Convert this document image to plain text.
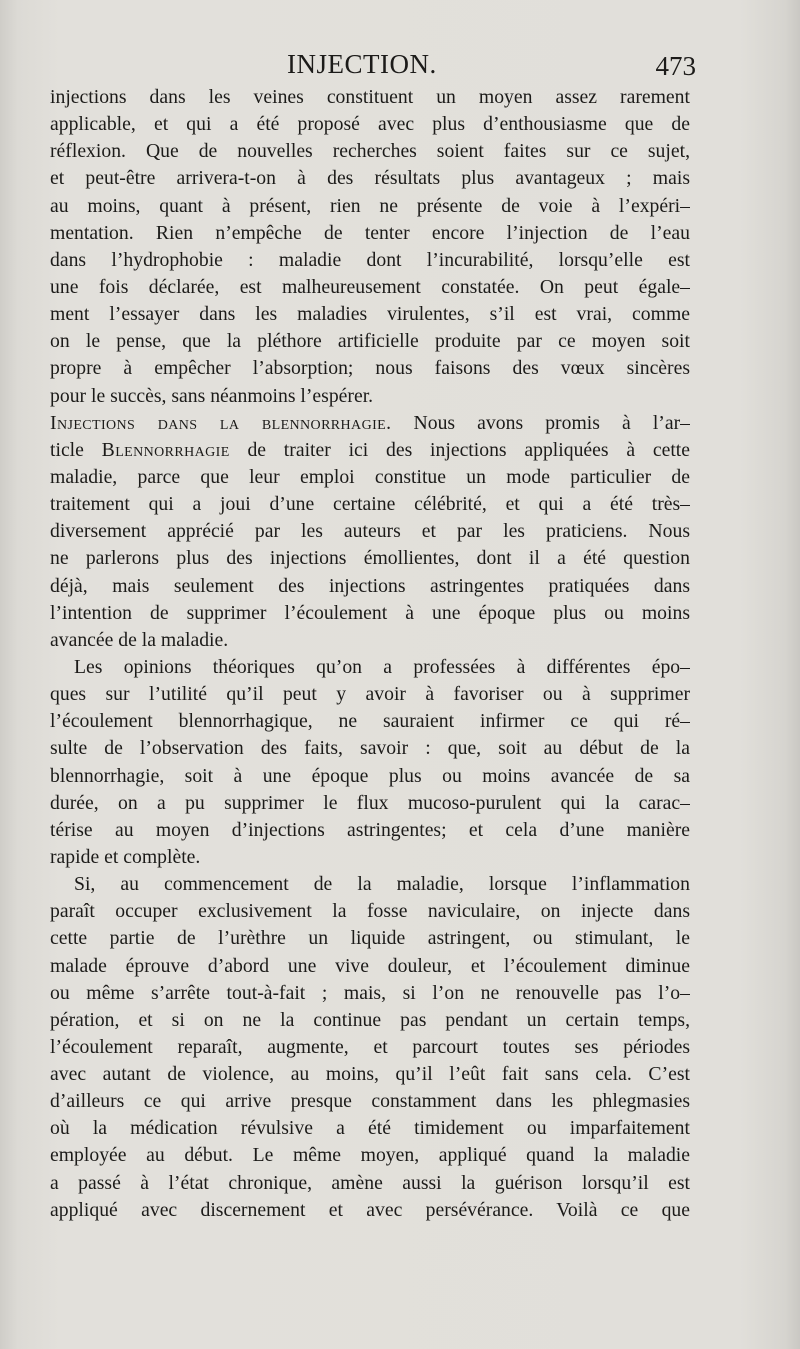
INJECTION.	473
injections dans les veines constituent un moyen assez rarement
applicable, et qui a été proposé avec plus d’enthousiasme que de
réflexion. Que de nouvelles recherches soient faites sur ce sujet,
et peut-être arrivera-t-on à des résultats plus avantageux ; mais
au moins, quant à présent, rien ne présente de voie à l’expéri–
mentation. Rien n’empêche de tenter encore l’injection de l’eau
dans l’hydrophobie : maladie dont l’incurabilité, lorsqu’elle est
une fois déclarée, est malheureusement constatée. On peut égale–
ment l’essayer dans les maladies virulentes, s’il est vrai, comme
on le pense, que la pléthore artificielle produite par ce moyen soit
propre à empêcher l’absorption; nous faisons des vœux sincères
pour le succès, sans néanmoins l’espérer.
Injections dans la blennorrhagie. Nous avons promis à l’ar–
ticle Blennorrhagie de traiter ici des injections appliquées à cette
maladie, parce que leur emploi constitue un mode particulier de
traitement qui a joui d’une certaine célébrité, et qui a été très–
diversement apprécié par les auteurs et par les praticiens. Nous
ne parlerons plus des injections émollientes, dont il a été question
déjà, mais seulement des injections astringentes pratiquées dans
l’intention de supprimer l’écoulement à une époque plus ou moins
avancée de la maladie.
Les opinions théoriques qu’on a professées à différentes épo–
ques sur l’utilité qu’il peut y avoir à favoriser ou à supprimer
l’écoulement blennorrhagique, ne sauraient infirmer ce qui ré–
sulte de l’observation des faits, savoir : que, soit au début de la
blennorrhagie, soit à une époque plus ou moins avancée de sa
durée, on a pu supprimer le flux mucoso-purulent qui la carac–
térise au moyen d’injections astringentes; et cela d’une manière
rapide et complète.
Si, au commencement de la maladie, lorsque l’inflammation
paraît occuper exclusivement la fosse naviculaire, on injecte dans
cette partie de l’urèthre un liquide astringent, ou stimulant, le
malade éprouve d’abord une vive douleur, et l’écoulement diminue
ou même s’arrête tout-à-fait ; mais, si l’on ne renouvelle pas l’o–
pération, et si on ne la continue pas pendant un certain temps,
l’écoulement reparaît, augmente, et parcourt toutes ses périodes
avec autant de violence, au moins, qu’il l’eût fait sans cela. C’est
d’ailleurs ce qui arrive presque constamment dans les phlegmasies
où la médication révulsive a été timidement ou imparfaitement
employée au début. Le même moyen, appliqué quand la maladie
a passé à l’état chronique, amène aussi la guérison lorsqu’il est
appliqué avec discernement et avec persévérance. Voilà ce que
